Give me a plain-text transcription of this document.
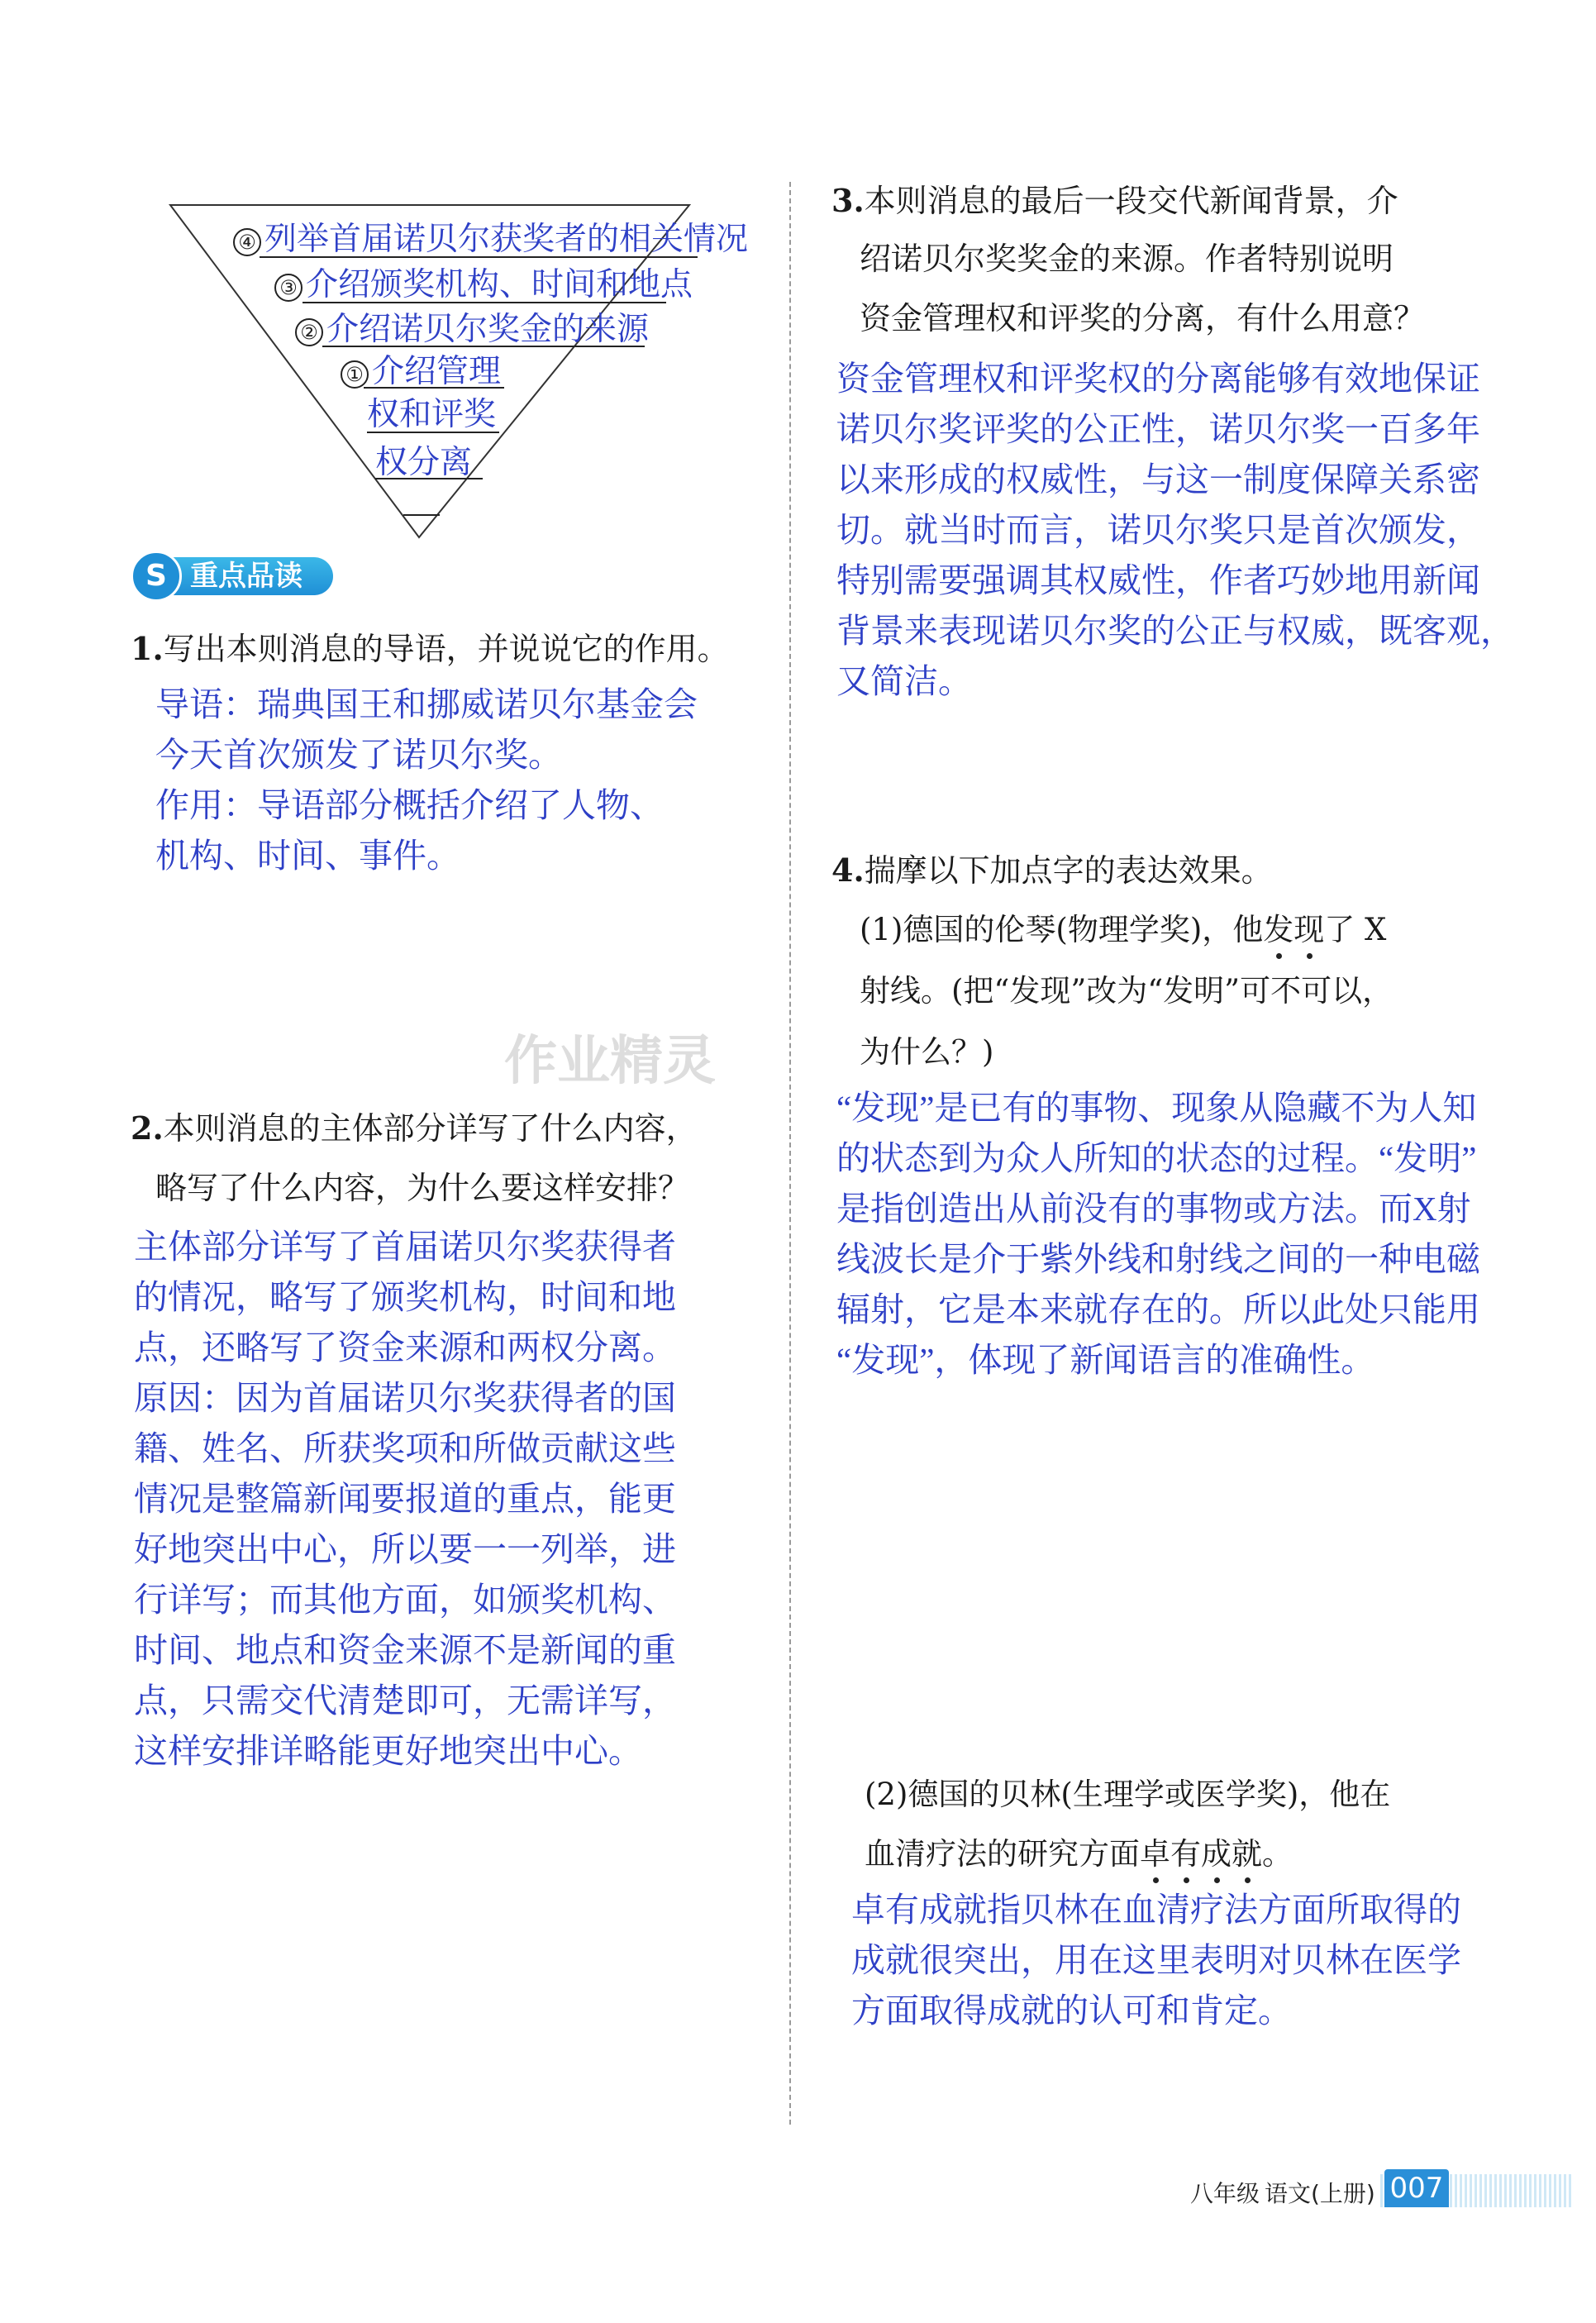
④ 列举首届诺贝尔获奖者的相关情况
③ 介绍颁奖机构、时间和地点
② 介绍诺贝尔奖金的来源
① 介绍管理
权和评奖
权分离
S 重点品读
1.写出本则消息的导语，并说说它的作用。
导语：瑞典国王和挪威诺贝尔基金会
今天首次颁发了诺贝尔奖。
作用：导语部分概括介绍了人物、
机构、时间、事件。
作业精灵
2.本则消息的主体部分详写了什么内容，
略写了什么内容，为什么要这样安排？
主体部分详写了首届诺贝尔奖获得者
的情况，略写了颁奖机构，时间和地
点，还略写了资金来源和两权分离。
原因：因为首届诺贝尔奖获得者的国
籍、姓名、所获奖项和所做贡献这些
情况是整篇新闻要报道的重点，能更
好地突出中心，所以要一一列举，进
行详写；而其他方面，如颁奖机构、
时间、地点和资金来源不是新闻的重
点，只需交代清楚即可，无需详写，
这样安排详略能更好地突出中心。
3.本则消息的最后一段交代新闻背景，介
绍诺贝尔奖奖金的来源。作者特别说明
资金管理权和评奖的分离，有什么用意？
资金管理权和评奖权的分离能够有效地保证
诺贝尔奖评奖的公正性，诺贝尔奖一百多年
以来形成的权威性，与这一制度保障关系密
切。就当时而言，诺贝尔奖只是首次颁发，
特别需要强调其权威性，作者巧妙地用新闻
背景来表现诺贝尔奖的公正与权威，既客观，
又简洁。
4.揣摩以下加点字的表达效果。
(1)德国的伦琴(物理学奖)，他发现了 X
射线。(把“发现”改为“发明”可不可以，
为什么？)
“发现”是已有的事物、现象从隐藏不为人知
的状态到为众人所知的状态的过程。“发明”
是指创造出从前没有的事物或方法。而X射
线波长是介于紫外线和射线之间的一种电磁
辐射，它是本来就存在的。所以此处只能用
“发现”，体现了新闻语言的准确性。
(2)德国的贝林(生理学或医学奖)，他在
血清疗法的研究方面卓有成就。
卓有成就指贝林在血清疗法方面所取得的
成就很突出，用在这里表明对贝林在医学
方面取得成就的认可和肯定。
八年级 语文(上册) 007
